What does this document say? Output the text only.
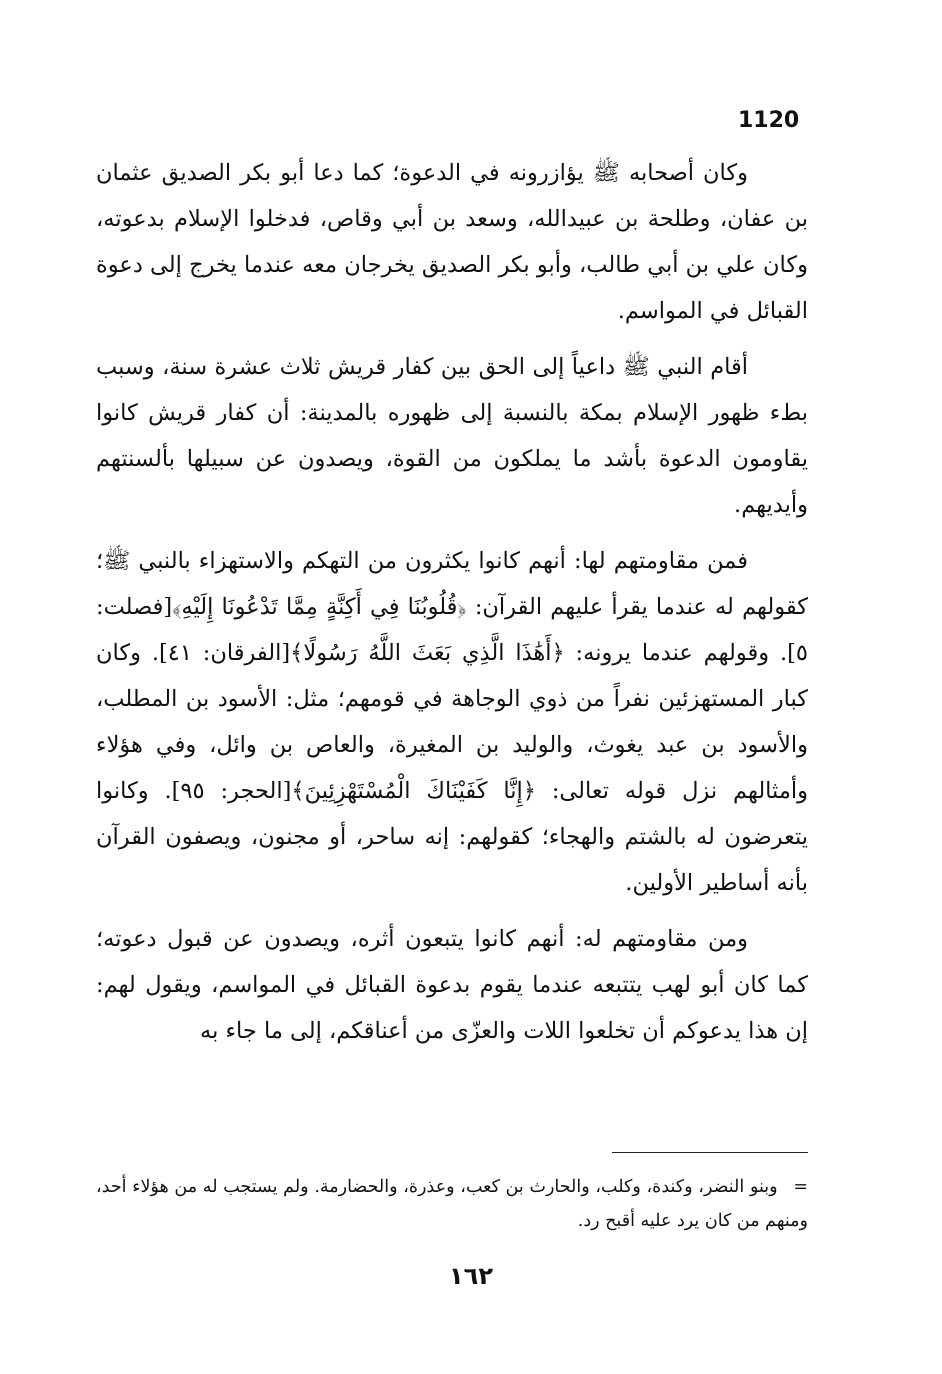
1120

وكان أصحابه ﷺ يؤازرونه في الدعوة؛ كما دعا أبو بكر الصديق عثمان بن عفان، وطلحة بن عبيدالله، وسعد بن أبي وقاص، فدخلوا الإسلام بدعوته، وكان علي بن أبي طالب، وأبو بكر الصديق يخرجان معه عندما يخرج إلى دعوة القبائل في المواسم.

أقام النبي ﷺ داعياً إلى الحق بين كفار قريش ثلاث عشرة سنة، وسبب بطء ظهور الإسلام بمكة بالنسبة إلى ظهوره بالمدينة: أن كفار قريش كانوا يقاومون الدعوة بأشد ما يملكون من القوة، ويصدون عن سبيلها بألسنتهم وأيديهم.

فمن مقاومتهم لها: أنهم كانوا يكثرون من التهكم والاستهزاء بالنبي ﷺ؛ كقولهم له عندما يقرأ عليهم القرآن: ﴿قُلُوبُنَا فِي أَكِنَّةٍ مِمَّا تَدْعُونَا إِلَيْهِ﴾[فصلت: ٥]. وقولهم عندما يرونه: ﴿أَهَٰذَا الَّذِي بَعَثَ اللَّهُ رَسُولًا﴾[الفرقان: ٤١]. وكان كبار المستهزئين نفراً من ذوي الوجاهة في قومهم؛ مثل: الأسود بن المطلب، والأسود بن عبد يغوث، والوليد بن المغيرة، والعاص بن وائل، وفي هؤلاء وأمثالهم نزل قوله تعالى: ﴿إِنَّا كَفَيْنَاكَ الْمُسْتَهْزِئِينَ﴾[الحجر: ٩٥]. وكانوا يتعرضون له بالشتم والهجاء؛ كقولهم: إنه ساحر، أو مجنون، ويصفون القرآن بأنه أساطير الأولين.

ومن مقاومتهم له: أنهم كانوا يتبعون أثره، ويصدون عن قبول دعوته؛ كما كان أبو لهب يتتبعه عندما يقوم بدعوة القبائل في المواسم، ويقول لهم: إن هذا يدعوكم أن تخلعوا اللات والعزّى من أعناقكم، إلى ما جاء به

= وبنو النضر، وكندة، وكلب، والحارث بن كعب، وعذرة، والحضارمة. ولم يستجب له من هؤلاء أحد، ومنهم من كان يرد عليه أقبح رد.
١٦٢
